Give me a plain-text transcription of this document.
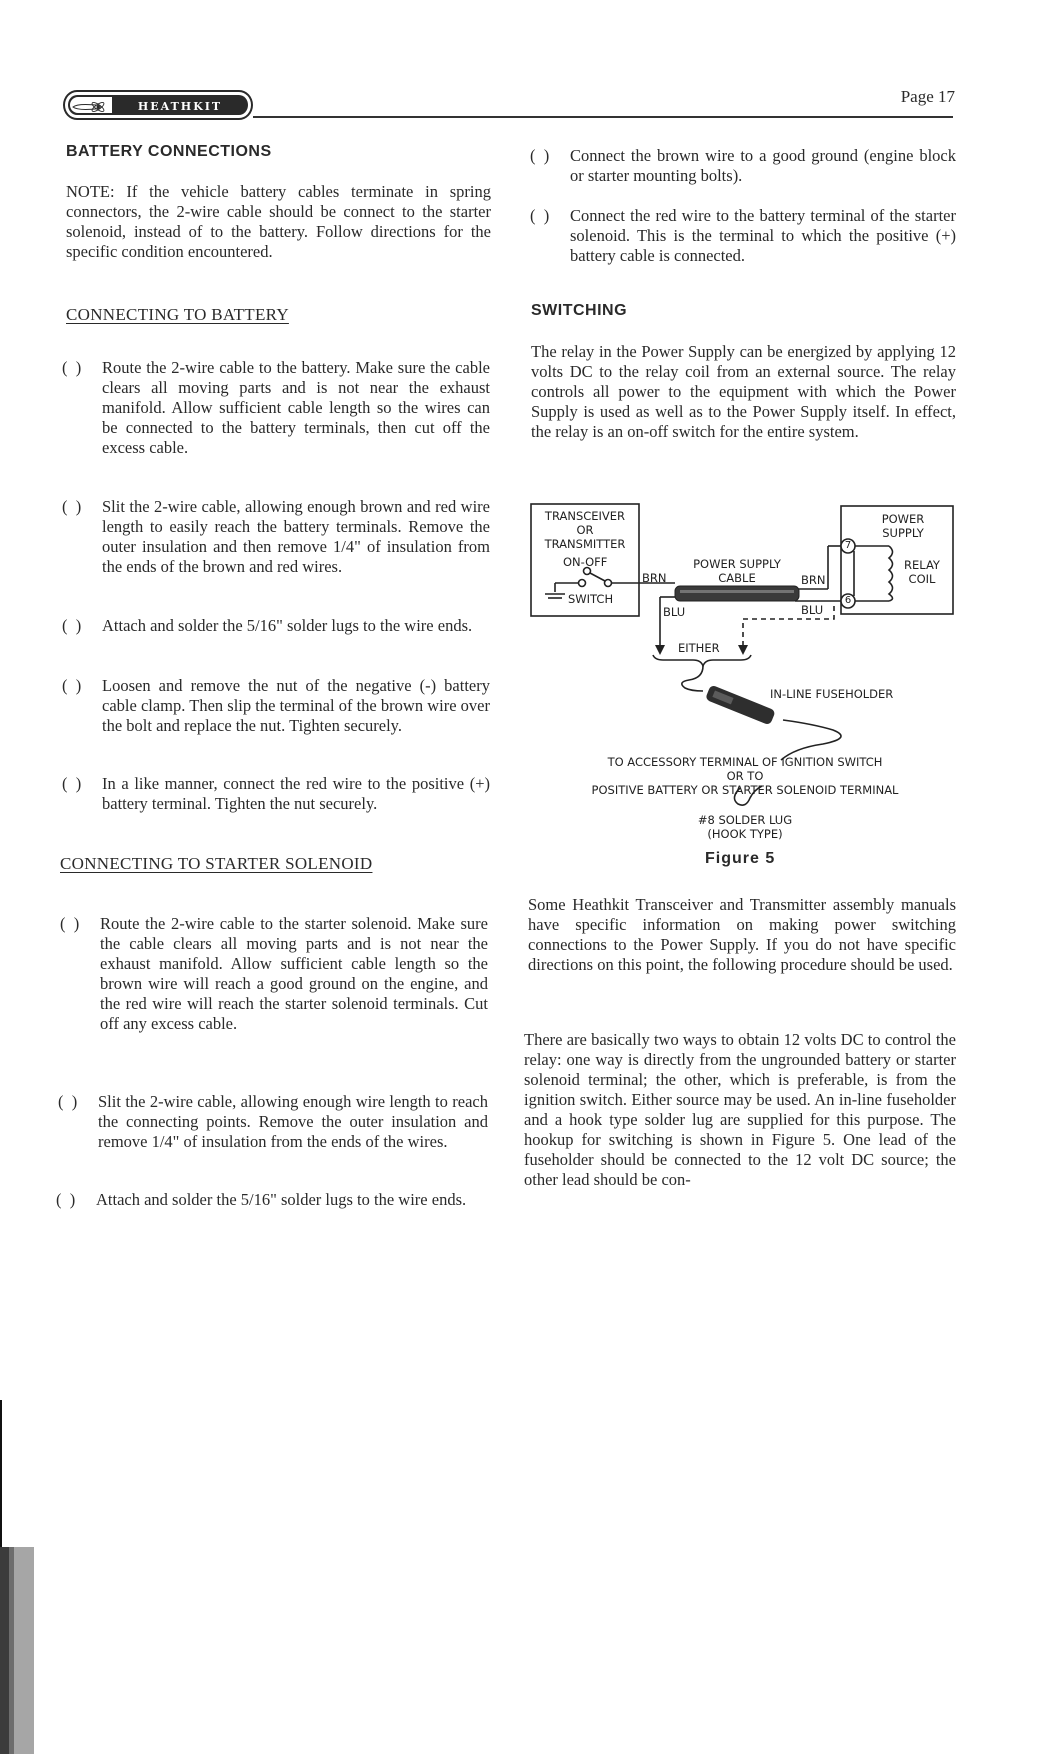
HEATHKIT
Page 17
BATTERY CONNECTIONS
NOTE: If the vehicle battery cables terminate in spring connectors, the 2-wire cable should be connect to the starter solenoid, instead of to the battery. Follow directions for the specific condition encountered.
CONNECTING TO BATTERY
(  )	Route the 2-wire cable to the battery. Make sure the cable clears all moving parts and is not near the exhaust manifold. Allow sufficient cable length so the wires can be connected to the battery terminals, then cut off the excess cable.
(  )	Slit the 2-wire cable, allowing enough brown and red wire length to easily reach the battery terminals. Remove the outer insulation and then remove 1/4" of insulation from the ends of the brown and red wires.
(  )	Attach and solder the 5/16" solder lugs to the wire ends.
(  )	Loosen and remove the nut of the negative (-) battery cable clamp. Then slip the terminal of the brown wire over the bolt and replace the nut. Tighten securely.
(  )	In a like manner, connect the red wire to the positive (+) battery terminal. Tighten the nut securely.
CONNECTING TO STARTER SOLENOID
(  )	Route the 2-wire cable to the starter solenoid. Make sure the cable clears all moving parts and is not near the exhaust manifold. Allow sufficient cable length so the brown wire will reach a good ground on the engine, and the red wire will reach the starter solenoid terminals. Cut off any excess cable.
(  )	Slit the 2-wire cable, allowing enough wire length to reach the connecting points. Remove the outer insulation and remove 1/4" of insulation from the ends of the wires.
(  )	Attach and solder the 5/16" solder lugs to the wire ends.
(  )	Connect the brown wire to a good ground (engine block or starter mounting bolts).
(  )	Connect the red wire to the battery terminal of the starter solenoid. This is the terminal to which the positive (+) battery cable is connected.
SWITCHING
The relay in the Power Supply can be energized by applying 12 volts DC to the relay coil from an external source. The relay controls all power to the equipment with which the Power Supply is used as well as to the Power Supply itself. In effect, the relay is an on-off switch for the entire system.
TRANSCEIVER
OR
TRANSMITTER
ON-OFF
SWITCH
BRN
BLU
POWER SUPPLY
CABLE	BRN
BLU
POWER
SUPPLY
RELAY
COIL
7
6
EITHER
IN-LINE FUSEHOLDER
TO ACCESSORY TERMINAL OF IGNITION SWITCH
OR TO
POSITIVE BATTERY OR STARTER SOLENOID TERMINAL
#8 SOLDER LUG
(HOOK TYPE)
Figure 5
Some Heathkit Transceiver and Transmitter assembly manuals have specific information on making power switching connections to the Power Supply. If you do not have specific directions on this point, the following procedure should be used.
There are basically two ways to obtain 12 volts DC to control the relay: one way is directly from the ungrounded battery or starter solenoid terminal; the other, which is preferable, is from the ignition switch. Either source may be used. An in-line fuseholder and a hook type solder lug are supplied for this purpose. The hookup for switching is shown in Figure 5. One lead of the fuseholder should be connected to the 12 volt DC source; the other lead should be con-
